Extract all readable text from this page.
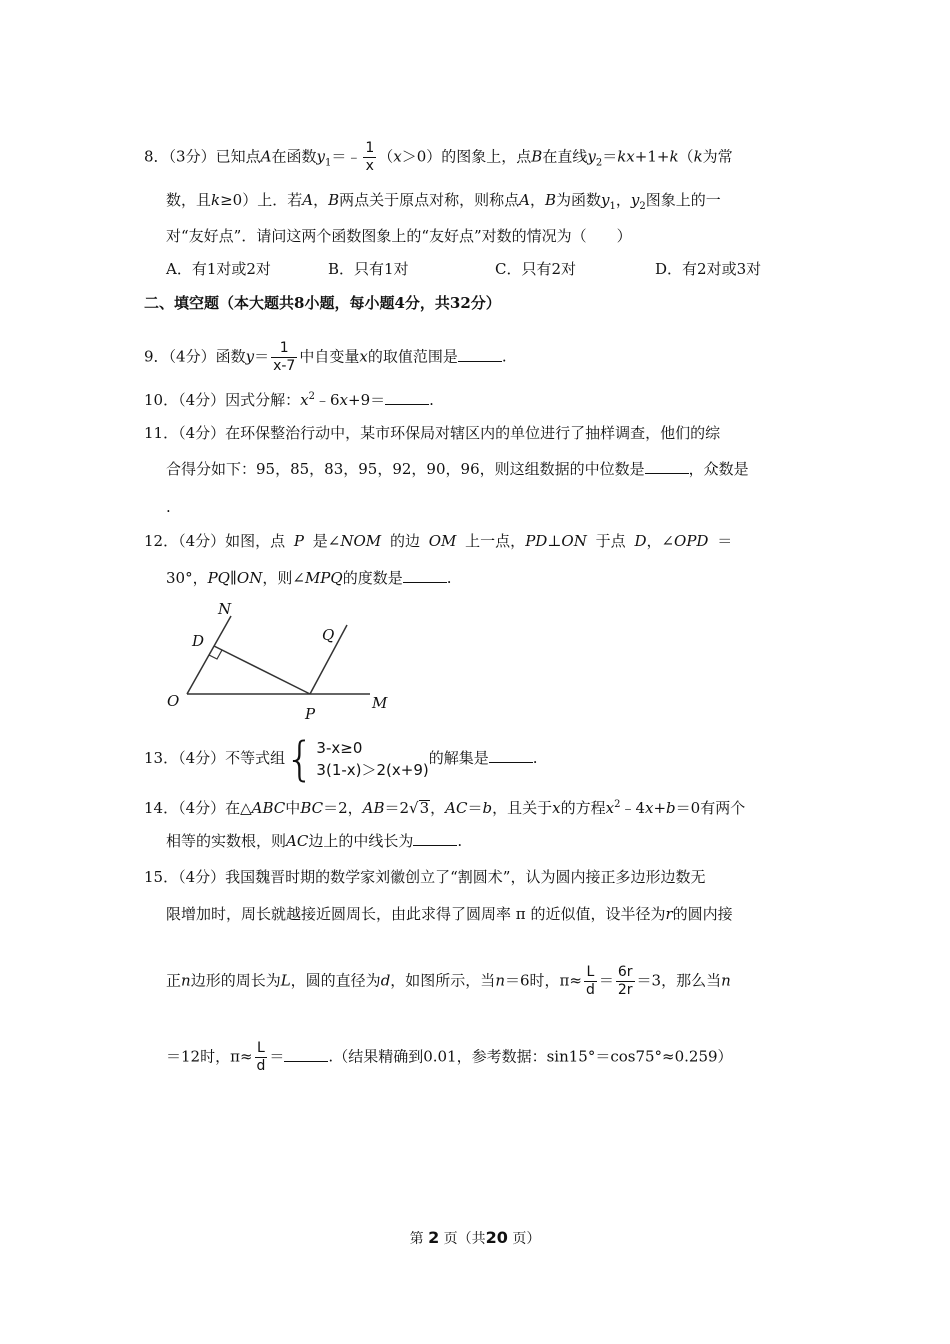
8．（3分）已知点A在函数$y_1=﹣ \frac{1}{x} (x>0)$的图象上，点B在直线$y_2=kx+1+k(k$为常
数，且k≥0）上．若A，B两点关于原点对称，则称点A，B为函数$y_1$，$y_2$图象上的一
对“友好点”．请问这两个函数图象上的“友好点”对数的情况为（　　）
A．有1对或2对	B．只有1对	C．只有2对	D．有2对或3对
二、填空题（本大题共8小题，每小题4分，共32分）
9．（4分）函数$y= \frac{1}{x-7}$ 中自变量x的取值范围是	.
10．（4分）因式分解：$x^2﹣6x+9=$	.
11．（4分）在环保整治行动中，某市环保局对辖区内的单位进行了抽样调查，他们的综
合得分如下：95，85，83，95，92，90，96，则这组数据的中位数是	，众数是
.
12．（4分）如图，点 P 是∠NOM 的边 OM 上一点，PD⊥ON 于点 D，∠OPD ＝
30°，PQ∥ON，则∠MPQ的度数是	.
N
D	Q
O
P
M
13．（4分）不等式组{ 3-x≥0
3(1-x)＞2(x+9)
的解集是	.
14．（4分）在△ABC中BC＝2，AB＝2√3，AC＝b，且关于x的方程$x^2﹣4x+b=0$有两个
相等的实数根，则AC边上的中线长为	.
15．（4分）我国魏晋时期的数学家刘徽创立了“割圆术”，认为圆内接正多边形边数无
限增加时，周长就越接近圆周长，由此求得了圆周率 π 的近似值，设半径为r的圆内接
正n边形的周长为L，圆的直径为d，如图所示，当n＝6时，$\pi\approx \frac{L}{d} = \frac{6r}{2r} =3$，那么当n
＝12时，$\pi\approx \frac{L}{d}$ ＝	.（结果精确到0.01，参考数据：sin15°＝cos75°≈0.259）
第 2 页（共20 页）
